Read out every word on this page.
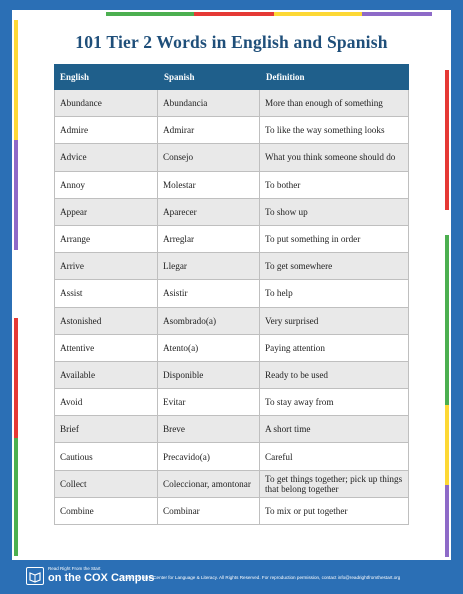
101 Tier 2 Words in English and Spanish
English	Spanish	Definition
Abundance	Abundancia	More than enough of something
Admire	Admirar	To like the way something looks
Advice	Consejo	What you think someone should do
Annoy	Molestar	To bother
Appear	Aparecer	To show up
Arrange	Arreglar	To put something in order
Arrive	Llegar	To get somewhere
Assist	Asistir	To help
Astonished	Asombrado(a)	Very surprised
Attentive	Atento(a)	Paying attention
Available	Disponible	Ready to be used
Avoid	Evitar	To stay away from
Brief	Breve	A short time
Cautious	Precavido(a)	Careful
Collect	Coleccionar, amontonar	To get things together; pick up things that belong together
Combine	Combinar	To mix or put together
Read Right From the Start
on the COX Campus
© 2017 Rollins Center for Language & Literacy. All Rights Reserved. For reproduction permission, contact info@readrightfromthestart.org
